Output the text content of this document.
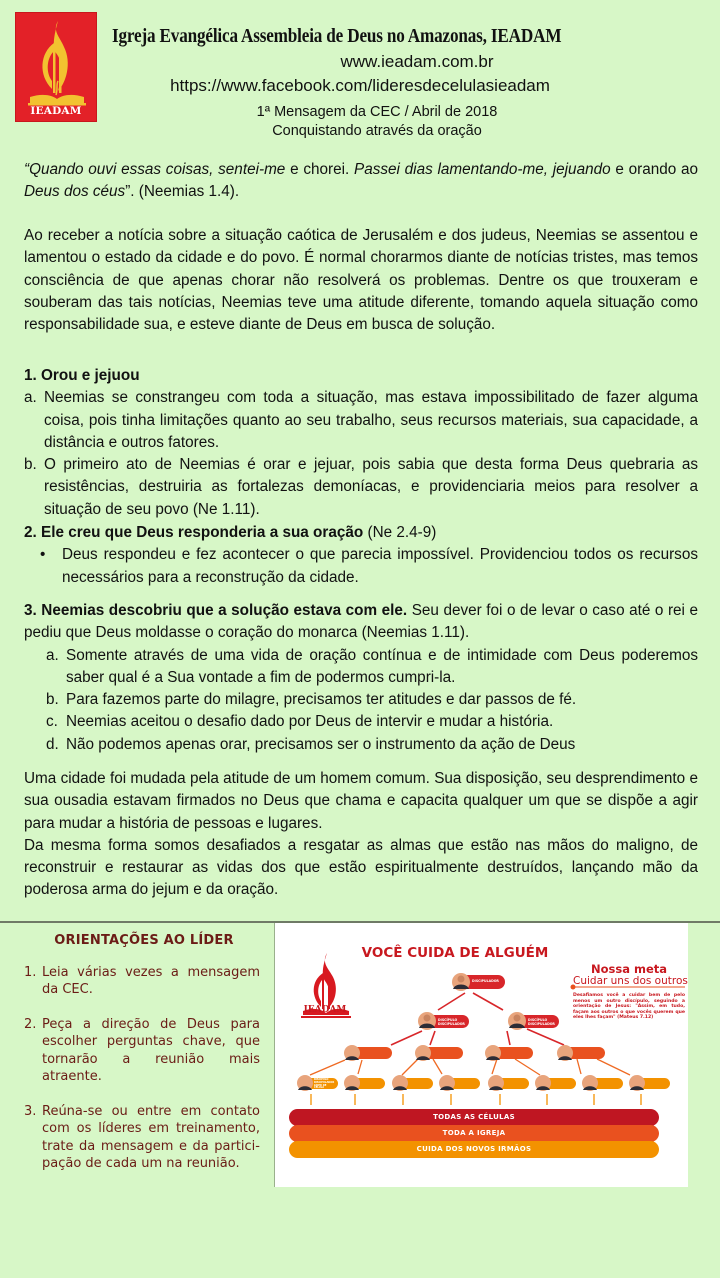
IEADAM
Igreja Evangélica Assembleia de Deus no Amazonas, IEADAM
www.ieadam.com.br
https://www.facebook.com/lideresdecelulasieadam
1ª Mensagem da CEC / Abril de 2018
Conquistando através da oração

“Quando ouvi essas coisas, sentei-me e chorei. Passei dias lamentando-me, jejuando e orando ao Deus dos céus”. (Neemias 1.4).

Ao receber a notícia sobre a situação caótica de Jerusalém e dos judeus, Neemias se assentou e lamentou o estado da cidade e do povo. É normal chorarmos diante de notícias tristes, mas temos consciência de que apenas chorar não resolverá os problemas. Dentre os que trouxeram e souberam das tais notícias, Neemias teve uma atitude diferente, tomando aquela situação como responsabilidade sua, e esteve diante de Deus em busca de solução.

1. Orou e jejuou

a. Neemias se constrangeu com toda a situação, mas estava impossibilitado de fazer alguma coisa, pois tinha limitações quanto ao seu trabalho, seus recursos materiais, sua capacidade, a distância e outros fatores.
b. O primeiro ato de Neemias é orar e jejuar, pois sabia que desta forma Deus quebraria as resistências, destruiria as fortalezas demoníacas, e providenciaria meios para resolver a situação de seu povo (Ne 1.11).

2. Ele creu que Deus responderia a sua oração (Ne 2.4-9)

•	Deus respondeu e fez acontecer o que parecia impossível. Providenciou todos os recursos necessários para a reconstrução da cidade.
3. Neemias descobriu que a solução estava com ele. Seu dever foi o de levar o caso até o rei e pediu que Deus moldasse o coração do monarca (Neemias 1.11).
a. Somente através de uma vida de oração contínua e de intimidade com Deus poderemos saber qual é a Sua vontade a fim de podermos cumpri-la.
b. Para fazemos parte do milagre, precisamos ter atitudes e dar passos de fé.
c. Neemias aceitou o desafio dado por Deus de intervir e mudar a história.
d. Não podemos apenas orar, precisamos ser o instrumento da ação de Deus

Uma cidade foi mudada pela atitude de um homem comum. Sua disposição, seu desprendimento e sua ousadia estavam firmados no Deus que chama e capacita qualquer um que se dispõe a agir para mudar a história de pessoas e lugares.

Da mesma forma somos desafiados a resgatar as almas que estão nas mãos do maligno, de reconstruir e restaurar as vidas dos que estão espiritualmente destruídos, lançando mão da poderosa arma do jejum e da oração.

ORIENTAÇÕES AO LÍDER
1. Leia várias vezes a mensagem da CEC.
2. Peça a direção de Deus para escolher perguntas chave, que tornarão a reunião mais atraente.
3. Reúna-se ou entre em contato com os líderes em treinamento, trate da mensagem e da participação de cada um na reunião.
VOCÊ CUIDA DE ALGUÉM
IEADAM
Nossa meta
Cuidar uns dos outros
Desafiamos você a cuidar bem de pelo menos um outro discípulo, seguindo a orientação de Jesus: "Assim, em tudo, façam aos outros o que vocês querem que eles lhes façam" (Mateus 7.12)
DISCIPULADOR
DISCÍPULO DISCIPULADOR
DISCÍPULO DISCIPULADOR
DISCÍPULO DISCIPULADOR LÍDER DE CÉLULA
TODAS AS CÉLULAS
TODA A IGREJA
CUIDA DOS NOVOS IRMÃOS
